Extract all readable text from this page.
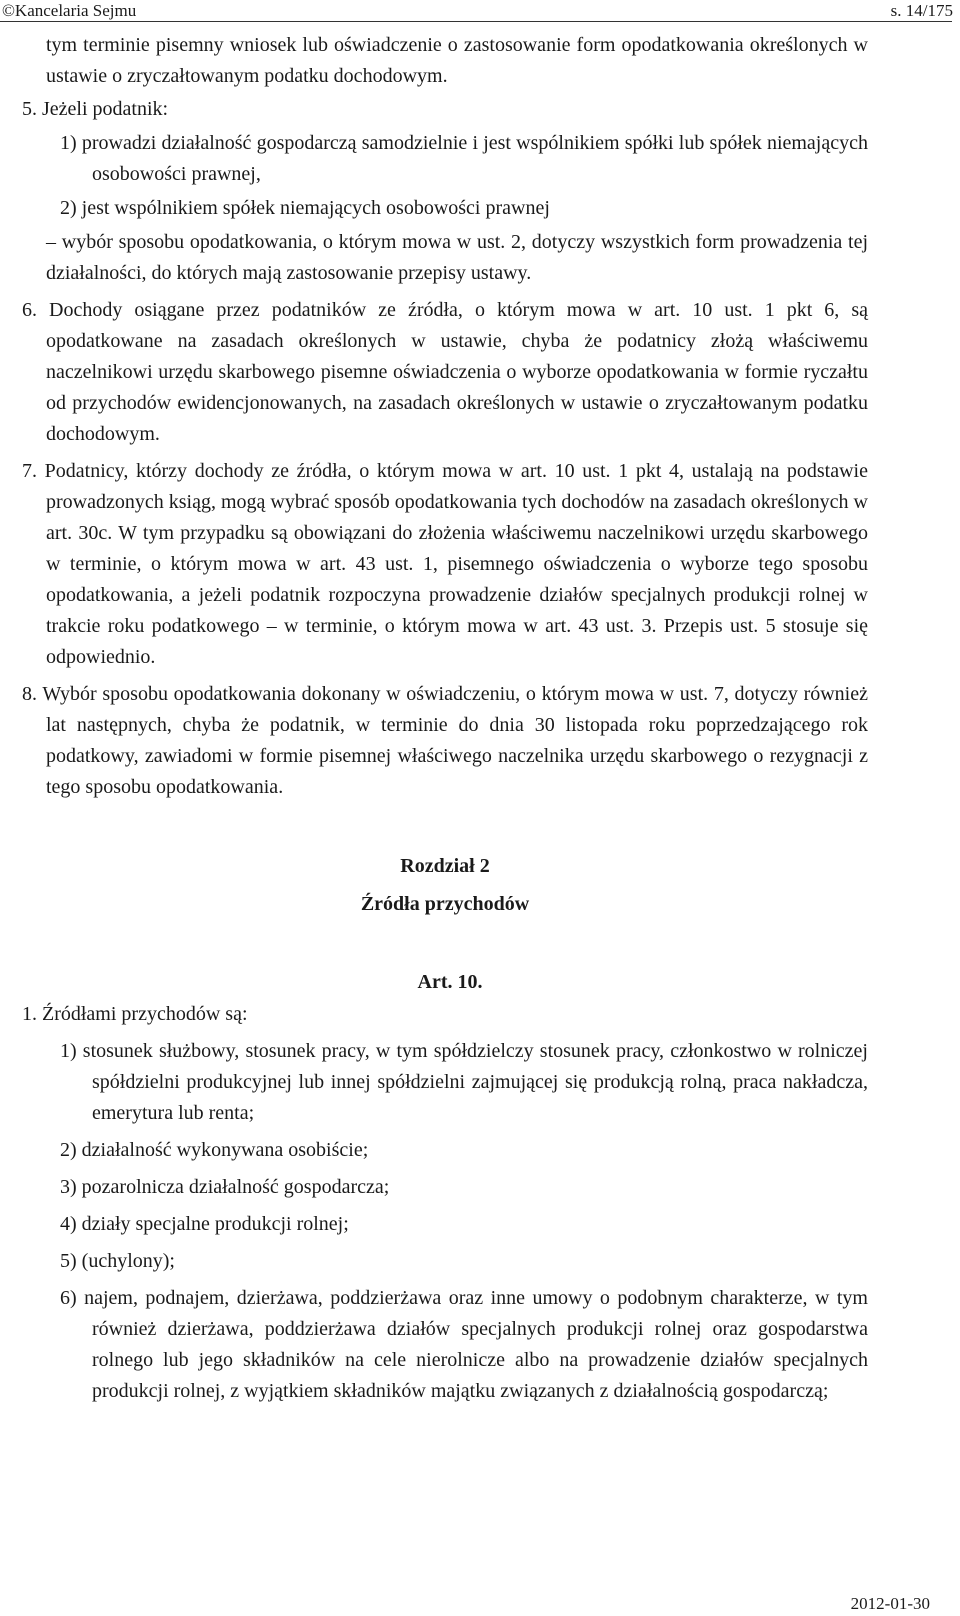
©Kancelaria Sejmu	s. 14/175
tym terminie pisemny wniosek lub oświadczenie o zastosowanie form opodatkowania określonych w ustawie o zryczałtowanym podatku dochodowym.
5. Jeżeli podatnik:
1) prowadzi działalność gospodarczą samodzielnie i jest wspólnikiem spółki lub spółek niemających osobowości prawnej,
2) jest wspólnikiem spółek niemających osobowości prawnej
– wybór sposobu opodatkowania, o którym mowa w ust. 2, dotyczy wszystkich form prowadzenia tej działalności, do których mają zastosowanie przepisy ustawy.
6. Dochody osiągane przez podatników ze źródła, o którym mowa w art. 10 ust. 1 pkt 6, są opodatkowane na zasadach określonych w ustawie, chyba że podatnicy złożą właściwemu naczelnikowi urzędu skarbowego pisemne oświadczenia o wyborze opodatkowania w formie ryczałtu od przychodów ewidencjonowanych, na zasadach określonych w ustawie o zryczałtowanym podatku dochodowym.
7. Podatnicy, którzy dochody ze źródła, o którym mowa w art. 10 ust. 1 pkt 4, ustalają na podstawie prowadzonych ksiąg, mogą wybrać sposób opodatkowania tych dochodów na zasadach określonych w art. 30c. W tym przypadku są obowiązani do złożenia właściwemu naczelnikowi urzędu skarbowego w terminie, o którym mowa w art. 43 ust. 1, pisemnego oświadczenia o wyborze tego sposobu opodatkowania, a jeżeli podatnik rozpoczyna prowadzenie działów specjalnych produkcji rolnej w trakcie roku podatkowego – w terminie, o którym mowa w art. 43 ust. 3. Przepis ust. 5 stosuje się odpowiednio.
8. Wybór sposobu opodatkowania dokonany w oświadczeniu, o którym mowa w ust. 7, dotyczy również lat następnych, chyba że podatnik, w terminie do dnia 30 listopada roku poprzedzającego rok podatkowy, zawiadomi w formie pisemnej właściwego naczelnika urzędu skarbowego o rezygnacji z tego sposobu opodatkowania.
Rozdział 2
Źródła przychodów
Art. 10.
1. Źródłami przychodów są:
1) stosunek służbowy, stosunek pracy, w tym spółdzielczy stosunek pracy, członkostwo w rolniczej spółdzielni produkcyjnej lub innej spółdzielni zajmującej się produkcją rolną, praca nakładcza, emerytura lub renta;
2) działalność wykonywana osobiście;
3) pozarolnicza działalność gospodarcza;
4) działy specjalne produkcji rolnej;
5) (uchylony);
6) najem, podnajem, dzierżawa, poddzierżawa oraz inne umowy o podobnym charakterze, w tym również dzierżawa, poddzierżawa działów specjalnych produkcji rolnej oraz gospodarstwa rolnego lub jego składników na cele nierolnicze albo na prowadzenie działów specjalnych produkcji rolnej, z wyjątkiem składników majątku związanych z działalnością gospodarczą;
2012-01-30
